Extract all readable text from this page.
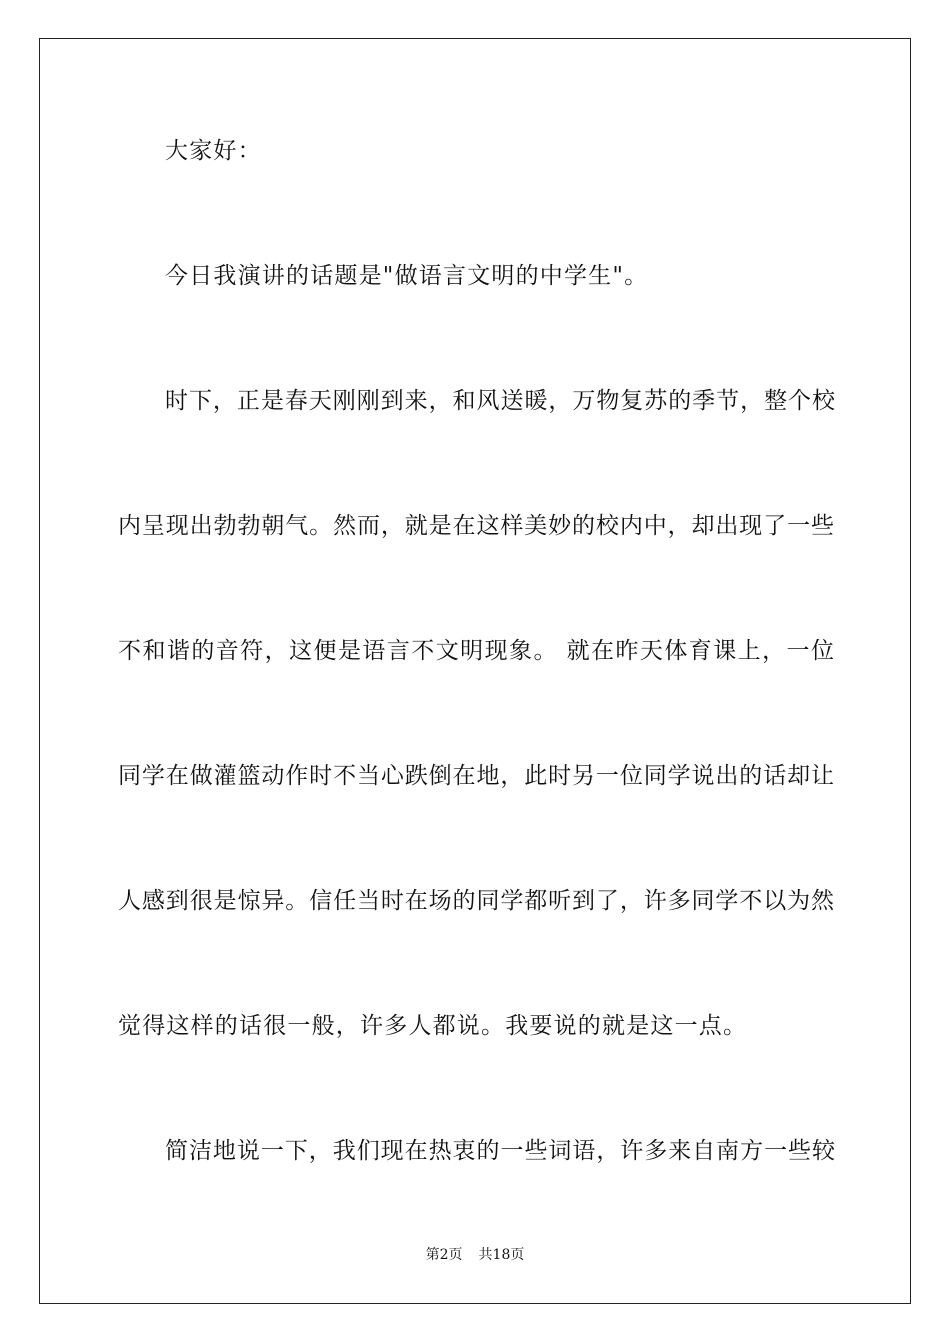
大家好：
今日我演讲的话题是"做语言文明的中学生"。
时下，正是春天刚刚到来，和风送暖，万物复苏的季节，整个校
内呈现出勃勃朝气。然而，就是在这样美妙的校内中，却出现了一些
不和谐的音符，这便是语言不文明现象。 就在昨天体育课上，一位
同学在做灌篮动作时不当心跌倒在地，此时另一位同学说出的话却让
人感到很是惊异。信任当时在场的同学都听到了，许多同学不以为然
觉得这样的话很一般，许多人都说。我要说的就是这一点。
简洁地说一下，我们现在热衷的一些词语，许多来自南方一些较
第2页 共18页
